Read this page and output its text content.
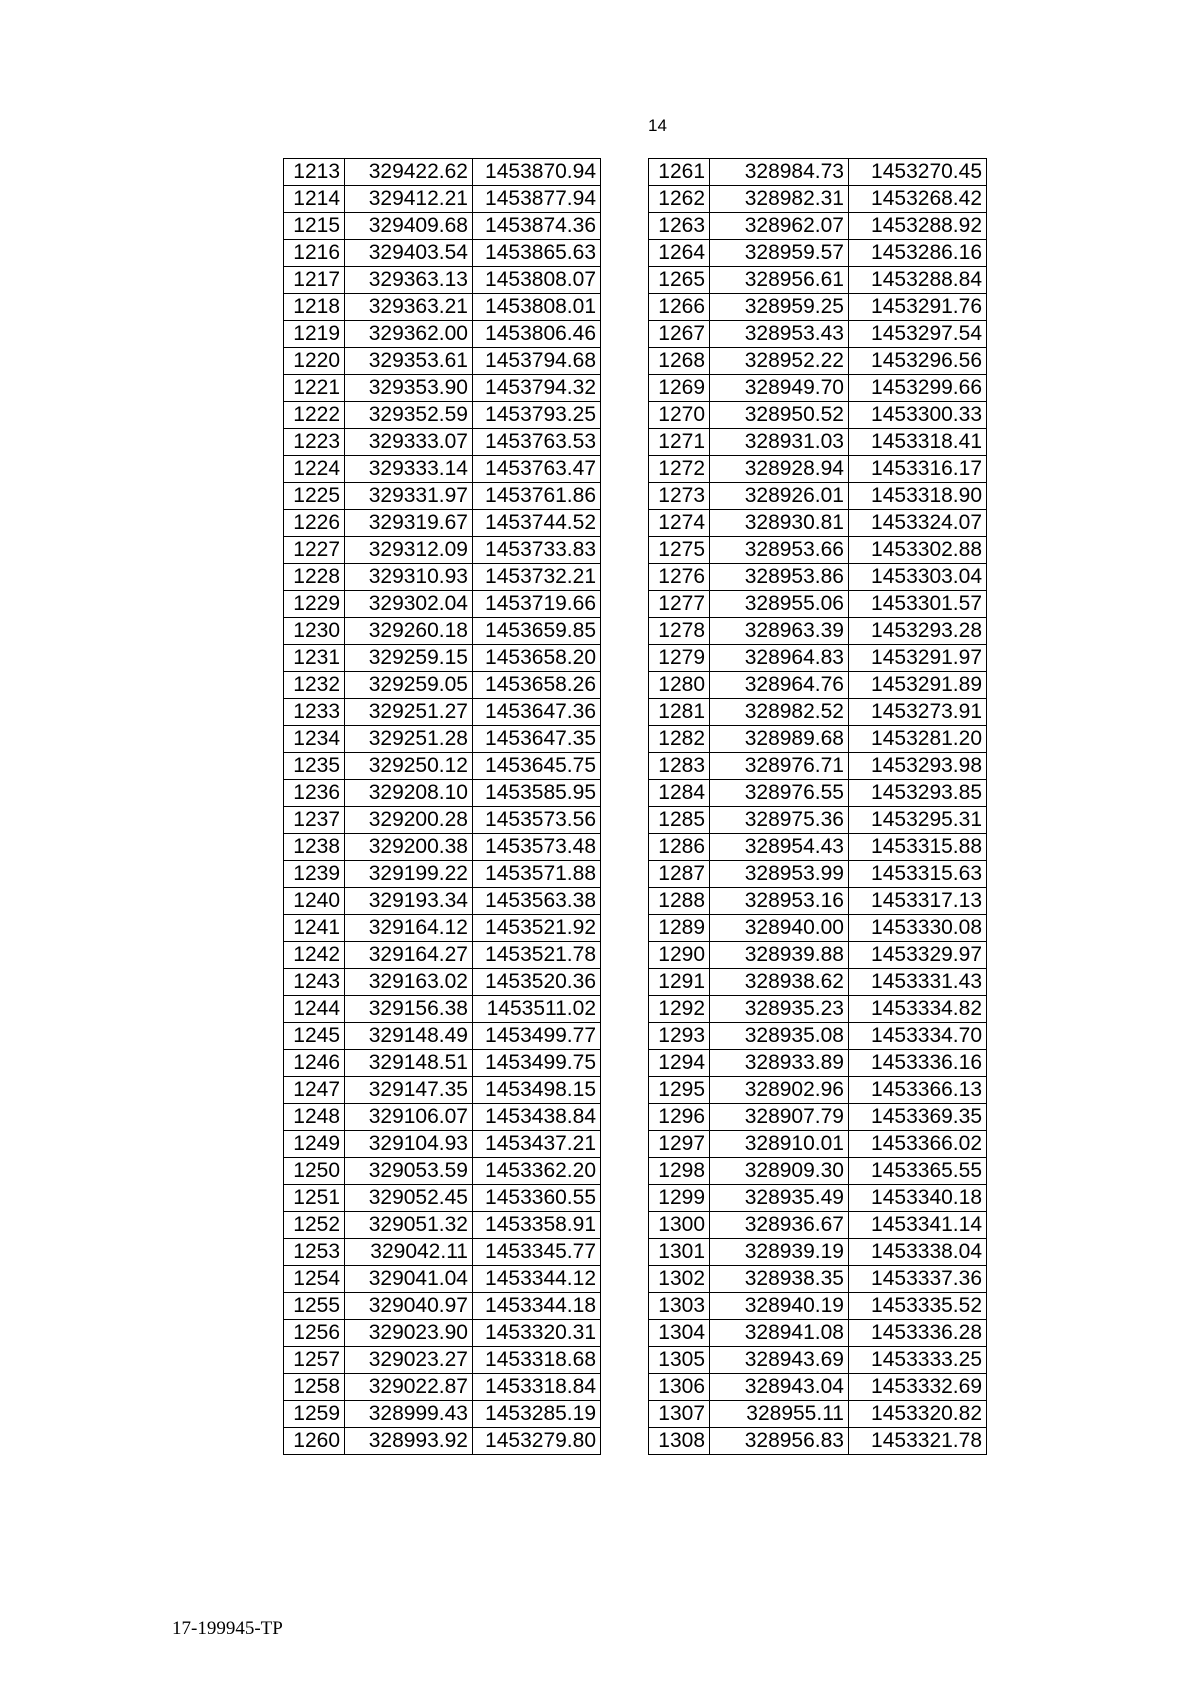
14
1213	329422.62	1453870.94
1214	329412.21	1453877.94
1215	329409.68	1453874.36
1216	329403.54	1453865.63
1217	329363.13	1453808.07
1218	329363.21	1453808.01
1219	329362.00	1453806.46
1220	329353.61	1453794.68
1221	329353.90	1453794.32
1222	329352.59	1453793.25
1223	329333.07	1453763.53
1224	329333.14	1453763.47
1225	329331.97	1453761.86
1226	329319.67	1453744.52
1227	329312.09	1453733.83
1228	329310.93	1453732.21
1229	329302.04	1453719.66
1230	329260.18	1453659.85
1231	329259.15	1453658.20
1232	329259.05	1453658.26
1233	329251.27	1453647.36
1234	329251.28	1453647.35
1235	329250.12	1453645.75
1236	329208.10	1453585.95
1237	329200.28	1453573.56
1238	329200.38	1453573.48
1239	329199.22	1453571.88
1240	329193.34	1453563.38
1241	329164.12	1453521.92
1242	329164.27	1453521.78
1243	329163.02	1453520.36
1244	329156.38	1453511.02
1245	329148.49	1453499.77
1246	329148.51	1453499.75
1247	329147.35	1453498.15
1248	329106.07	1453438.84
1249	329104.93	1453437.21
1250	329053.59	1453362.20
1251	329052.45	1453360.55
1252	329051.32	1453358.91
1253	329042.11	1453345.77
1254	329041.04	1453344.12
1255	329040.97	1453344.18
1256	329023.90	1453320.31
1257	329023.27	1453318.68
1258	329022.87	1453318.84
1259	328999.43	1453285.19
1260	328993.92	1453279.80
1261	328984.73	1453270.45
1262	328982.31	1453268.42
1263	328962.07	1453288.92
1264	328959.57	1453286.16
1265	328956.61	1453288.84
1266	328959.25	1453291.76
1267	328953.43	1453297.54
1268	328952.22	1453296.56
1269	328949.70	1453299.66
1270	328950.52	1453300.33
1271	328931.03	1453318.41
1272	328928.94	1453316.17
1273	328926.01	1453318.90
1274	328930.81	1453324.07
1275	328953.66	1453302.88
1276	328953.86	1453303.04
1277	328955.06	1453301.57
1278	328963.39	1453293.28
1279	328964.83	1453291.97
1280	328964.76	1453291.89
1281	328982.52	1453273.91
1282	328989.68	1453281.20
1283	328976.71	1453293.98
1284	328976.55	1453293.85
1285	328975.36	1453295.31
1286	328954.43	1453315.88
1287	328953.99	1453315.63
1288	328953.16	1453317.13
1289	328940.00	1453330.08
1290	328939.88	1453329.97
1291	328938.62	1453331.43
1292	328935.23	1453334.82
1293	328935.08	1453334.70
1294	328933.89	1453336.16
1295	328902.96	1453366.13
1296	328907.79	1453369.35
1297	328910.01	1453366.02
1298	328909.30	1453365.55
1299	328935.49	1453340.18
1300	328936.67	1453341.14
1301	328939.19	1453338.04
1302	328938.35	1453337.36
1303	328940.19	1453335.52
1304	328941.08	1453336.28
1305	328943.69	1453333.25
1306	328943.04	1453332.69
1307	328955.11	1453320.82
1308	328956.83	1453321.78
17-199945-TP
